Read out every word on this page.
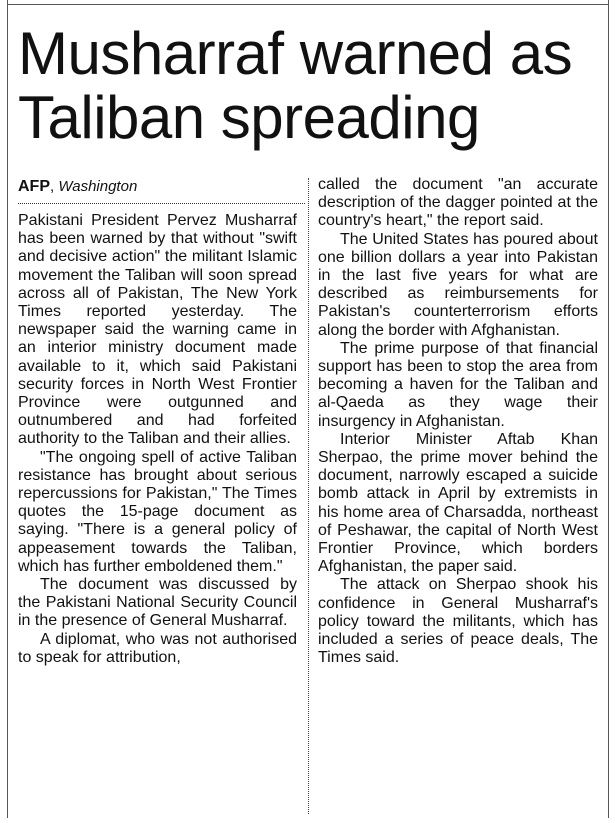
Musharraf warned as
Taliban spreading
AFP, Washington

Pakistani President Pervez Musharraf has been warned by that without "swift and decisive action" the militant Islamic movement the Taliban will soon spread across all of Pakistan, The New York Times reported yesterday. The newspaper said the warning came in an interior ministry document made available to it, which said Pakistani security forces in North West Frontier Province were outgunned and outnumbered and had forfeited authority to the Taliban and their allies.

"The ongoing spell of active Taliban resistance has brought about serious repercussions for Pakistan," The Times quotes the 15-page document as saying. "There is a general policy of appeasement towards the Taliban, which has further emboldened them."

The document was discussed by the Pakistani National Security Council in the presence of General Musharraf.

A diplomat, who was not authorised to speak for attribution,

called the document "an accurate description of the dagger pointed at the country's heart," the report said.

The United States has poured about one billion dollars a year into Pakistan in the last five years for what are described as reimbursements for Pakistan's counterterrorism efforts along the border with Afghanistan.

The prime purpose of that financial support has been to stop the area from becoming a haven for the Taliban and al-Qaeda as they wage their insurgency in Afghanistan.

Interior Minister Aftab Khan Sherpao, the prime mover behind the document, narrowly escaped a suicide bomb attack in April by extremists in his home area of Charsadda, northeast of Peshawar, the capital of North West Frontier Province, which borders Afghanistan, the paper said.

The attack on Sherpao shook his confidence in General Musharraf's policy toward the militants, which has included a series of peace deals, The Times said.
